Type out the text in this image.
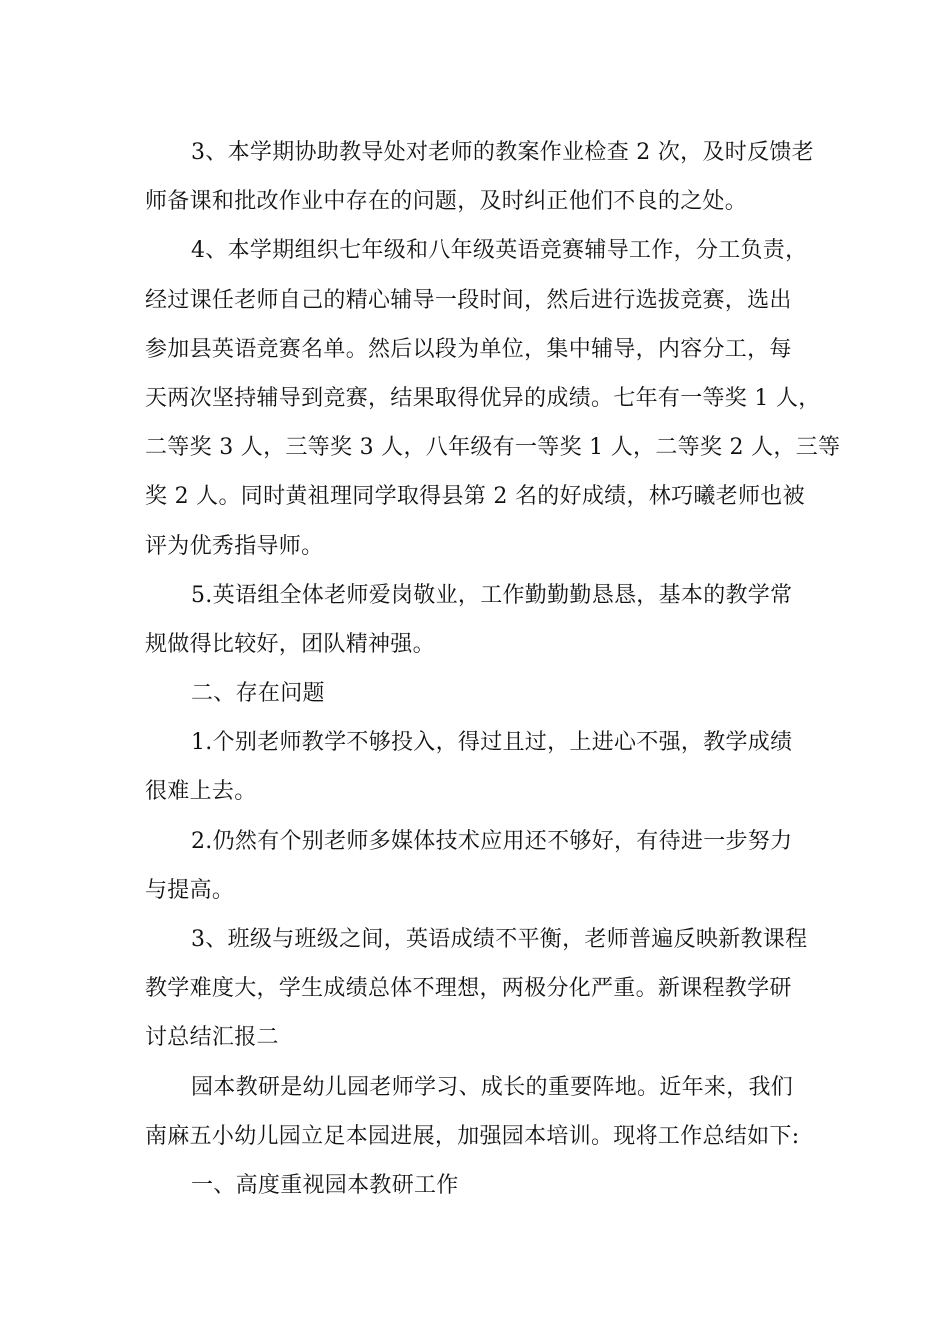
3、本学期协助教导处对老师的教案作业检查 2 次，及时反馈老
师备课和批改作业中存在的问题，及时纠正他们不良的之处。
4、本学期组织七年级和八年级英语竞赛辅导工作，分工负责，
经过课任老师自己的精心辅导一段时间，然后进行选拔竞赛，选出
参加县英语竞赛名单。然后以段为单位，集中辅导，内容分工，每
天两次坚持辅导到竞赛，结果取得优异的成绩。七年有一等奖 1 人，
二等奖 3 人，三等奖 3 人，八年级有一等奖 1 人，二等奖 2 人，三等
奖 2 人。同时黄祖理同学取得县第 2 名的好成绩，林巧曦老师也被
评为优秀指导师。
5.英语组全体老师爱岗敬业，工作勤勤勤恳恳，基本的教学常
规做得比较好，团队精神强。
二、存在问题
1.个别老师教学不够投入，得过且过，上进心不强，教学成绩
很难上去。
2.仍然有个别老师多媒体技术应用还不够好，有待进一步努力
与提高。
3、班级与班级之间，英语成绩不平衡，老师普遍反映新教课程
教学难度大，学生成绩总体不理想，两极分化严重。新课程教学研
讨总结汇报二
园本教研是幼儿园老师学习、成长的重要阵地。近年来，我们
南麻五小幼儿园立足本园进展，加强园本培训。现将工作总结如下:
一、高度重视园本教研工作
